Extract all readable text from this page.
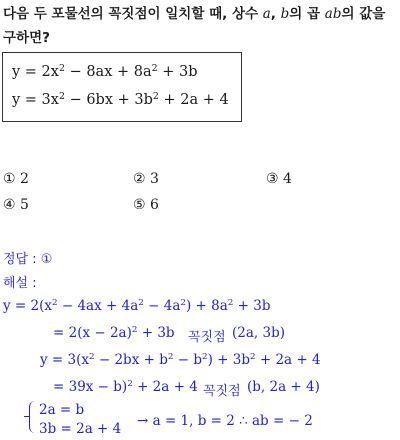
다음 두 포물선의 꼭짓점이 일치할 때, 상수 a, b의 곱 ab의 값을
구하면?
$y = 2x^2 - 8ax + 8a^2 + 3b$
$y = 3x^2 - 6bx + 3b^2 + 2a + 4$
① 2	② 3	③ 4
④ 5	⑤ 6
정답 : ①
해설 :
$y = 2(x^2 - 4ax + 4a^2 - 4a^2) + 8a^2 + 3b$
= $2(x - 2a)^2 + 3b$ 꼭짓점 (2a, 3b)
$y = 3(x^2 - 2bx + b^2 - b^2) + 3b^2 + 2a + 4$
= 39x − b)$^2$ + 2a + 4 꼭짓점 (b, 2a + 4)
2a = b
3b = 2a + 4 → a = 1, b = 2 ∴ ab = − 2
